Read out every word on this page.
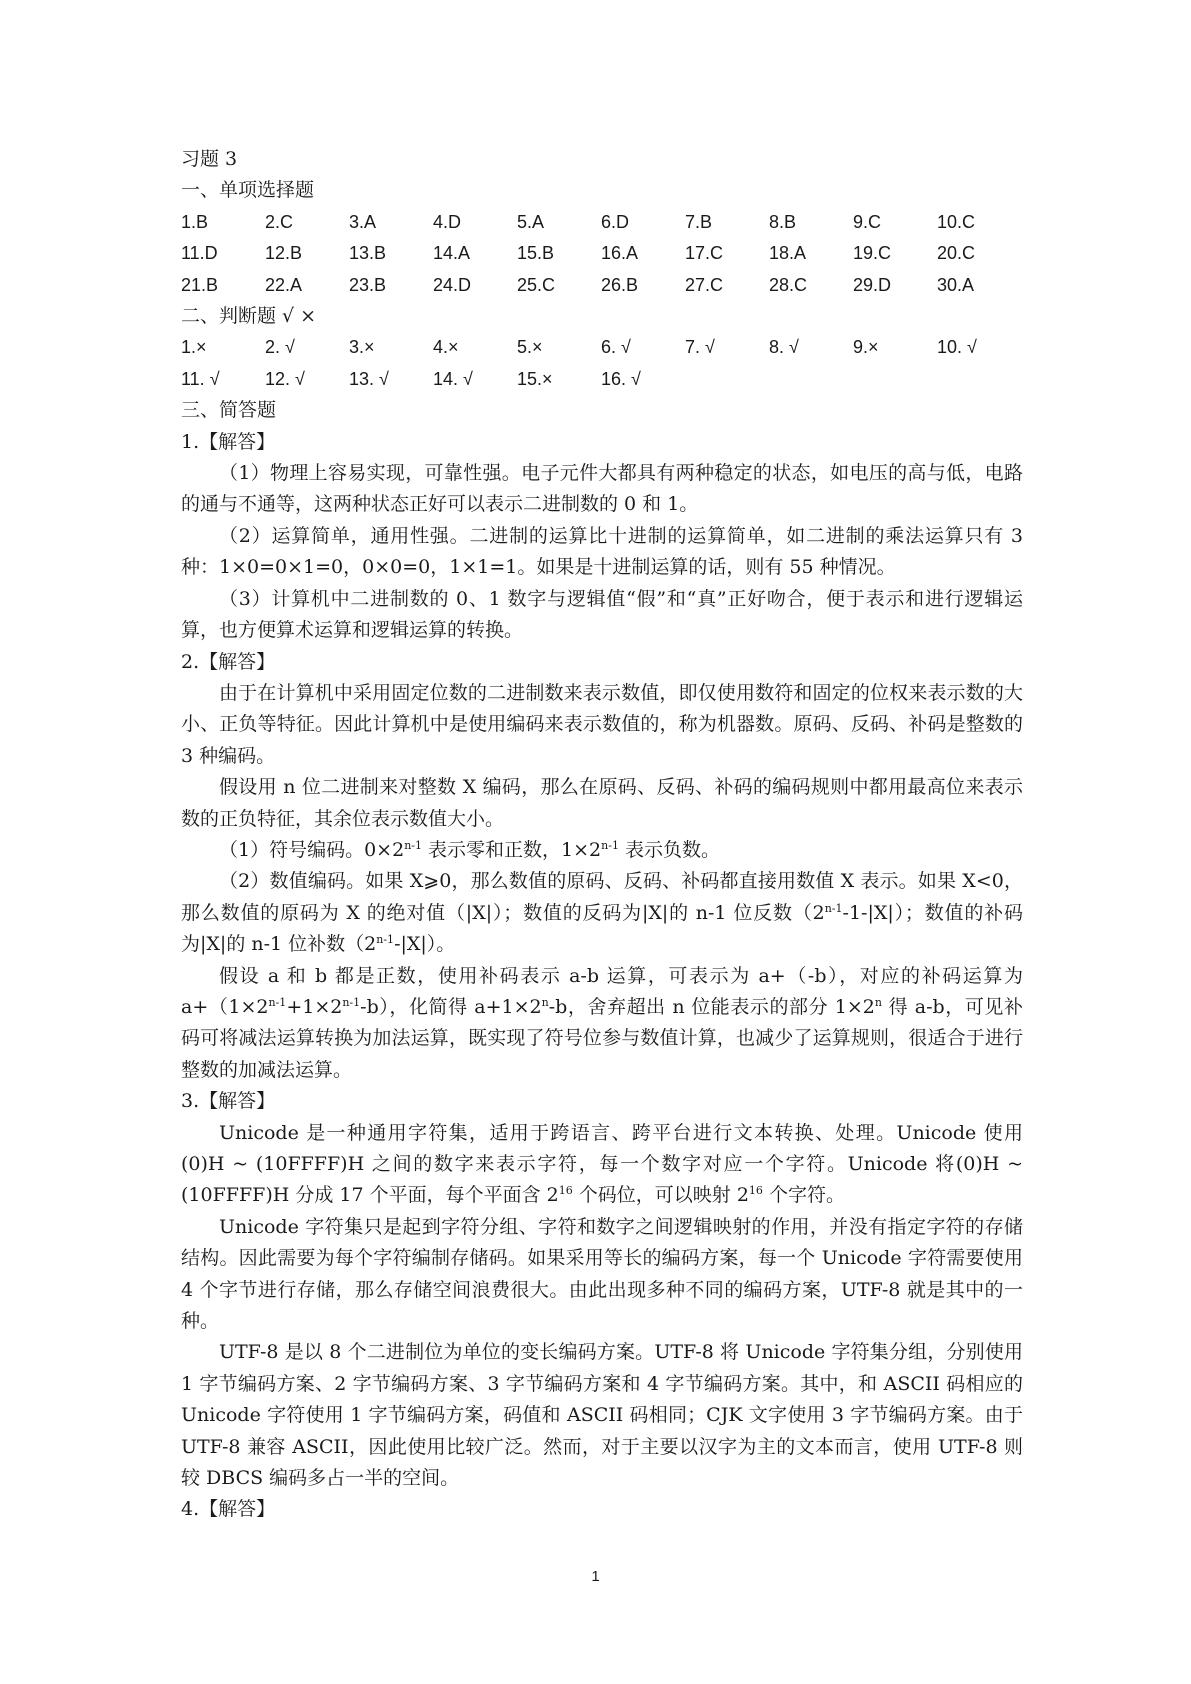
习题 3
一、单项选择题
1.B	2.C	3.A	4.D	5.A	6.D	7.B	8.B	9.C	10.C
11.D	12.B	13.B	14.A	15.B	16.A	17.C	18.A	19.C	20.C
21.B	22.A	23.B	24.D	25.C	26.B	27.C	28.C	29.D	30.A
二、判断题 √ ×
1.×	2. √	3.×	4.×	5.×	6. √	7. √	8. √	9.×	10. √
11. √	12. √	13. √	14. √	15.×	16. √
三、简答题
1.【解答】
（1）物理上容易实现，可靠性强。电子元件大都具有两种稳定的状态，如电压的高与低，电路的通与不通等，这两种状态正好可以表示二进制数的 0 和 1。
（2）运算简单，通用性强。二进制的运算比十进制的运算简单，如二进制的乘法运算只有 3 种：1×0=0×1=0，0×0=0，1×1=1。如果是十进制运算的话，则有 55 种情况。
（3）计算机中二进制数的 0、1 数字与逻辑值“假”和“真”正好吻合，便于表示和进行逻辑运算，也方便算术运算和逻辑运算的转换。
2.【解答】
由于在计算机中采用固定位数的二进制数来表示数值，即仅使用数符和固定的位权来表示数的大小、正负等特征。因此计算机中是使用编码来表示数值的，称为机器数。原码、反码、补码是整数的 3 种编码。
假设用 n 位二进制来对整数 X 编码，那么在原码、反码、补码的编码规则中都用最高位来表示数的正负特征，其余位表示数值大小。
（1）符号编码。$0\times 2^{n-1}$ 表示零和正数，$1\times 2^{n-1}$ 表示负数。
（2）数值编码。如果 X⩾0，那么数值的原码、反码、补码都直接用数值 X 表示。如果 X<0，那么数值的原码为 X 的绝对值（|X|）；数值的反码为|X|的 n-1 位反数（2$^{n-1}$-1-|X|）；数值的补码为|X|的 n-1 位补数（2$^{n-1}$-|X|）。
假设 a 和 b 都是正数，使用补码表示 a-b 运算，可表示为 a+（-b），对应的补码运算为 $a+(1\times 2^{n-1}+1\times 2^{n-1}-b)$，化简得 $a+1\times 2^n-b$，舍弃超出 n 位能表示的部分 $1\times 2^n$ 得 a-b，可见补码可将减法运算转换为加法运算，既实现了符号位参与数值计算，也减少了运算规则，很适合于进行整数的加减法运算。
3.【解答】
Unicode 是一种通用字符集，适用于跨语言、跨平台进行文本转换、处理。Unicode 使用(0)H ~ (10FFFF)H 之间的数字来表示字符，每一个数字对应一个字符。Unicode 将(0)H ~ (10FFFF)H 分成 17 个平面，每个平面含 $2^{16}$ 个码位，可以映射 $2^{16}$ 个字符。
Unicode 字符集只是起到字符分组、字符和数字之间逻辑映射的作用，并没有指定字符的存储结构。因此需要为每个字符编制存储码。如果采用等长的编码方案，每一个 Unicode 字符需要使用 4 个字节进行存储，那么存储空间浪费很大。由此出现多种不同的编码方案，UTF-8 就是其中的一种。
UTF-8 是以 8 个二进制位为单位的变长编码方案。UTF-8 将 Unicode 字符集分组，分别使用 1 字节编码方案、2 字节编码方案、3 字节编码方案和 4 字节编码方案。其中，和 ASCII 码相应的 Unicode 字符使用 1 字节编码方案，码值和 ASCII 码相同；CJK 文字使用 3 字节编码方案。由于 UTF-8 兼容 ASCII，因此使用比较广泛。然而，对于主要以汉字为主的文本而言，使用 UTF-8 则较 DBCS 编码多占一半的空间。
4.【解答】
1
